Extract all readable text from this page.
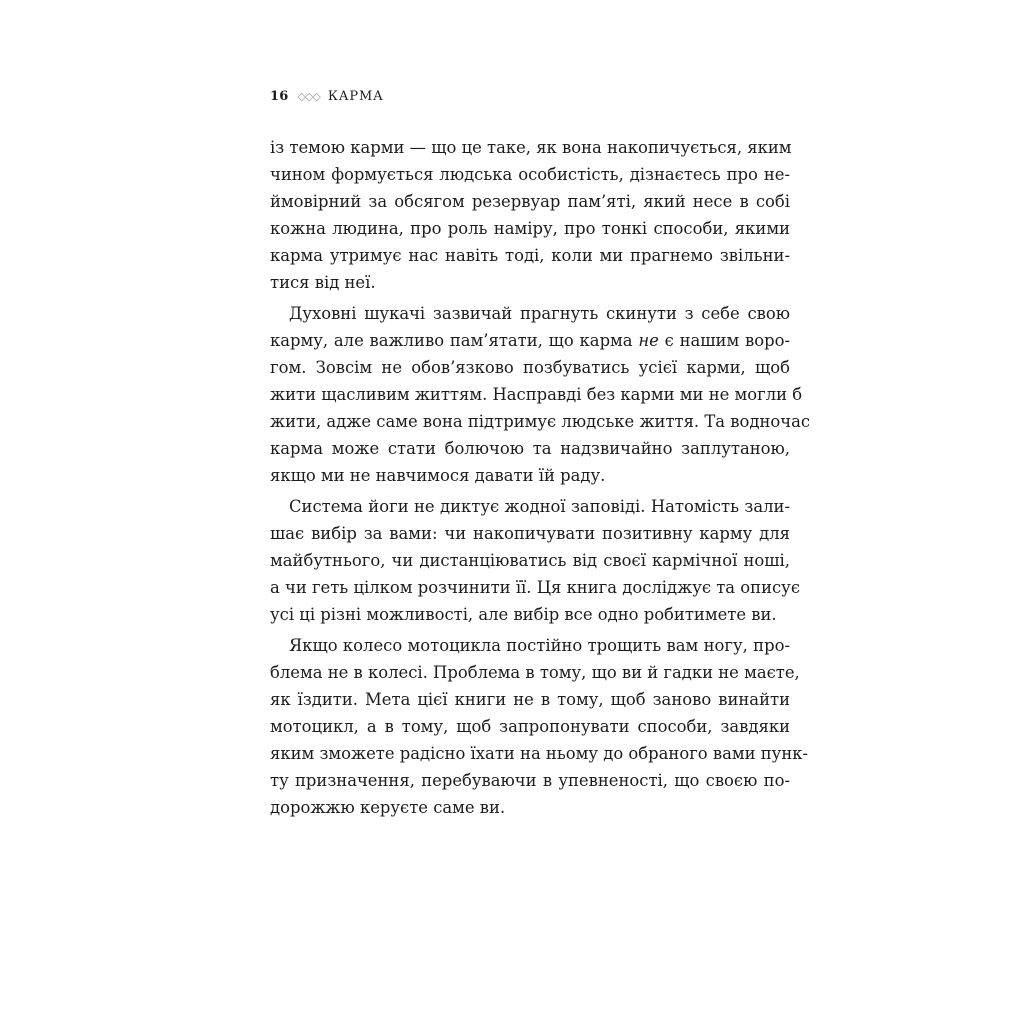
16 ◇◇◇ КАРМА
із темою карми — що це таке, як вона накопичується, яким
чином формується людська особистість, дізнаєтесь про не-
ймовірний за обсягом резервуар пам’яті, який несе в собі
кожна людина, про роль наміру, про тонкі способи, якими
карма утримує нас навіть тоді, коли ми прагнемо звільни-
тися від неї.
Духовні шукачі зазвичай прагнуть скинути з себе свою
карму, але важливо пам’ятати, що карма не є нашим воро-
гом. Зовсім не обов’язково позбуватись усієї карми, щоб
жити щасливим життям. Насправді без карми ми не могли б
жити, адже саме вона підтримує людське життя. Та водночас
карма може стати болючою та надзвичайно заплутаною,
якщо ми не навчимося давати їй раду.
Система йоги не диктує жодної заповіді. Натомість зали-
шає вибір за вами: чи накопичувати позитивну карму для
майбутнього, чи дистанціюватись від своєї кармічної ноші,
а чи геть цілком розчинити її. Ця книга досліджує та описує
усі ці різні можливості, але вибір все одно робитимете ви.
Якщо колесо мотоцикла постійно трощить вам ногу, про-
блема не в колесі. Проблема в тому, що ви й гадки не маєте,
як їздити. Мета цієї книги не в тому, щоб заново винайти
мотоцикл, а в тому, щоб запропонувати способи, завдяки
яким зможете радісно їхати на ньому до обраного вами пунк-
ту призначення, перебуваючи в упевненості, що своєю по-
дорожжю керуєте саме ви.
